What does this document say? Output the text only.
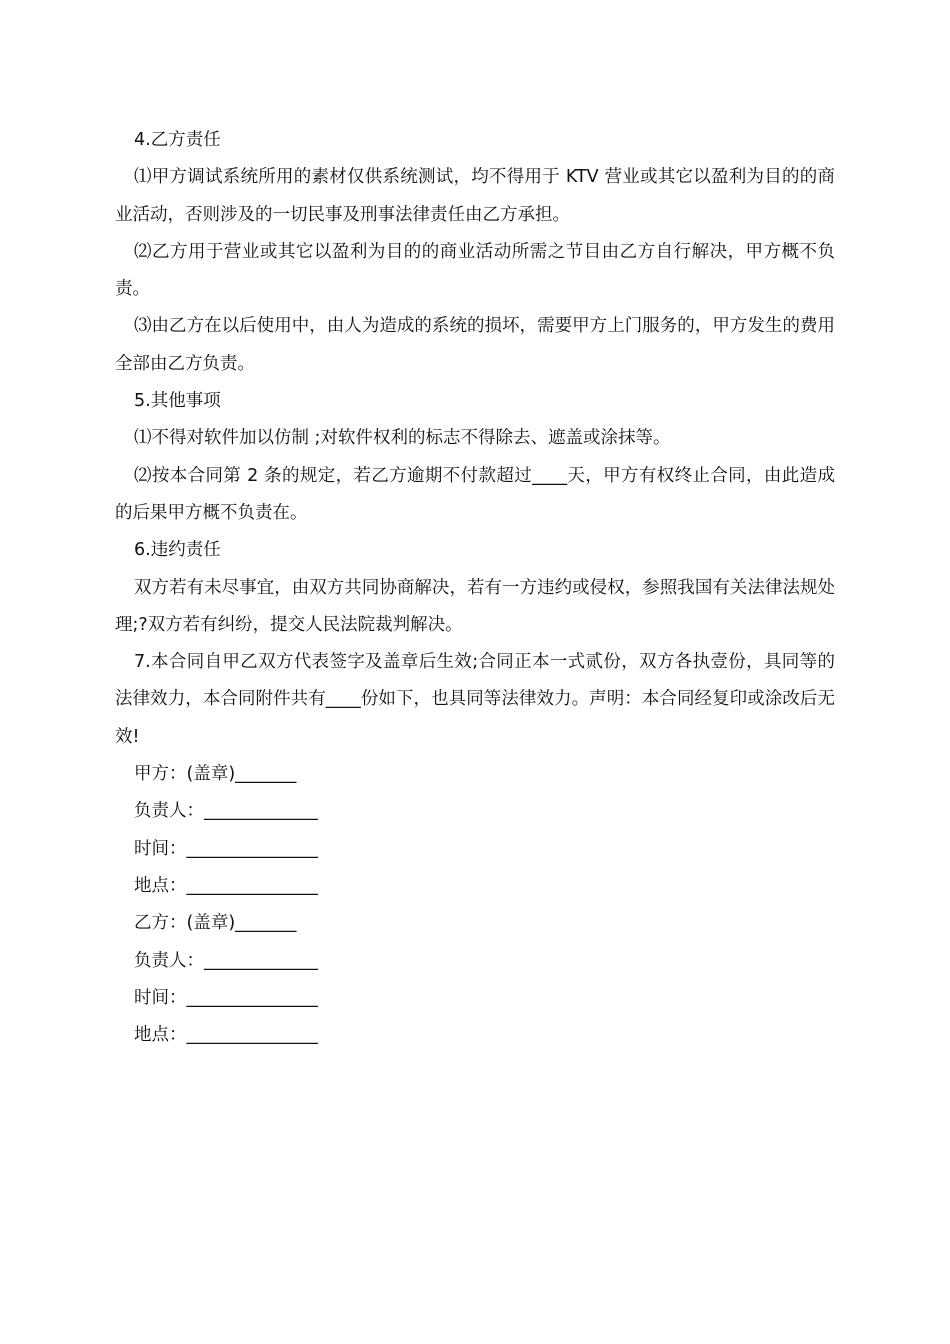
4.乙方责任

⑴甲方调试系统所用的素材仅供系统测试，均不得用于 KTV 营业或其它以盈利为目的的商业活动，否则涉及的一切民事及刑事法律责任由乙方承担。

⑵乙方用于营业或其它以盈利为目的的商业活动所需之节目由乙方自行解决，甲方概不负责。

⑶由乙方在以后使用中，由人为造成的系统的损坏，需要甲方上门服务的，甲方发生的费用全部由乙方负责。

5.其他事项

⑴不得对软件加以仿制 ;对软件权利的标志不得除去、遮盖或涂抹等。

⑵按本合同第 2 条的规定，若乙方逾期不付款超过____天，甲方有权终止合同，由此造成的后果甲方概不负责在。

6.违约责任

双方若有未尽事宜，由双方共同协商解决，若有一方违约或侵权，参照我国有关法律法规处理;?双方若有纠纷，提交人民法院裁判解决。

7.本合同自甲乙双方代表签字及盖章后生效;合同正本一式贰份，双方各执壹份，具同等的法律效力，本合同附件共有____份如下，也具同等法律效力。声明：本合同经复印或涂改后无效!

甲方：(盖章)_______

负责人：_____________

时间：_______________

地点：_______________

乙方：(盖章)_______

负责人：_____________

时间：_______________

地点：_______________
